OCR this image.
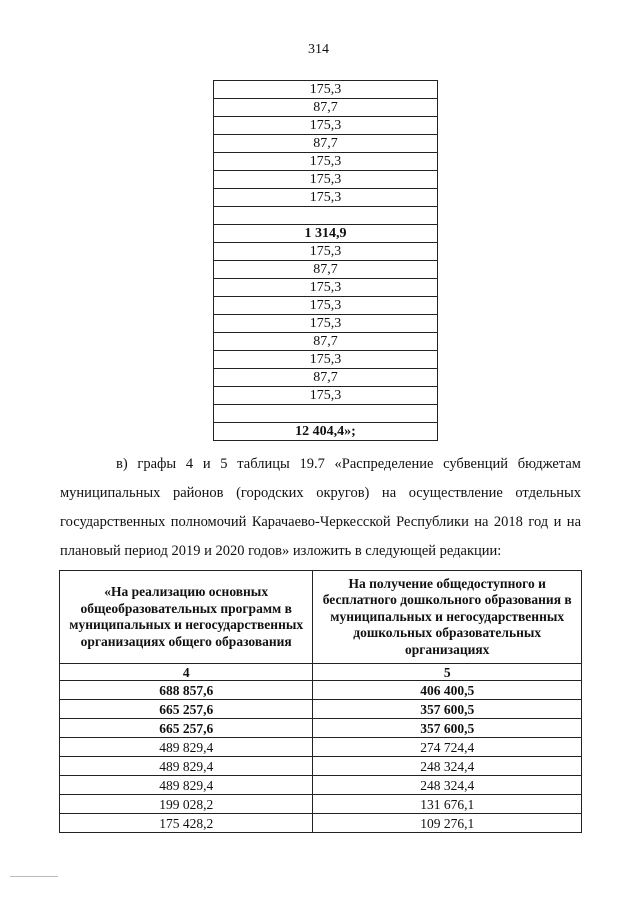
314
175,3
87,7
175,3
87,7
175,3
175,3
175,3

1 314,9
175,3
87,7
175,3
175,3
175,3
87,7
175,3
87,7
175,3

12 404,4»;
в) графы 4 и 5 таблицы 19.7 «Распределение субвенций бюджетам муниципальных районов (городских округов) на осуществление отдельных государственных полномочий Карачаево-Черкесской Республики на 2018 год и на плановый период 2019 и 2020 годов» изложить в следующей редакции:
«На реализацию основных общеобразовательных программ в муниципальных и негосударственных организациях общего образования	На получение общедоступного и бесплатного дошкольного образования в муниципальных и негосударственных дошкольных образовательных организациях
4	5
688 857,6	406 400,5
665 257,6	357 600,5
665 257,6	357 600,5
489 829,4	274 724,4
489 829,4	248 324,4
489 829,4	248 324,4
199 028,2	131 676,1
175 428,2	109 276,1
